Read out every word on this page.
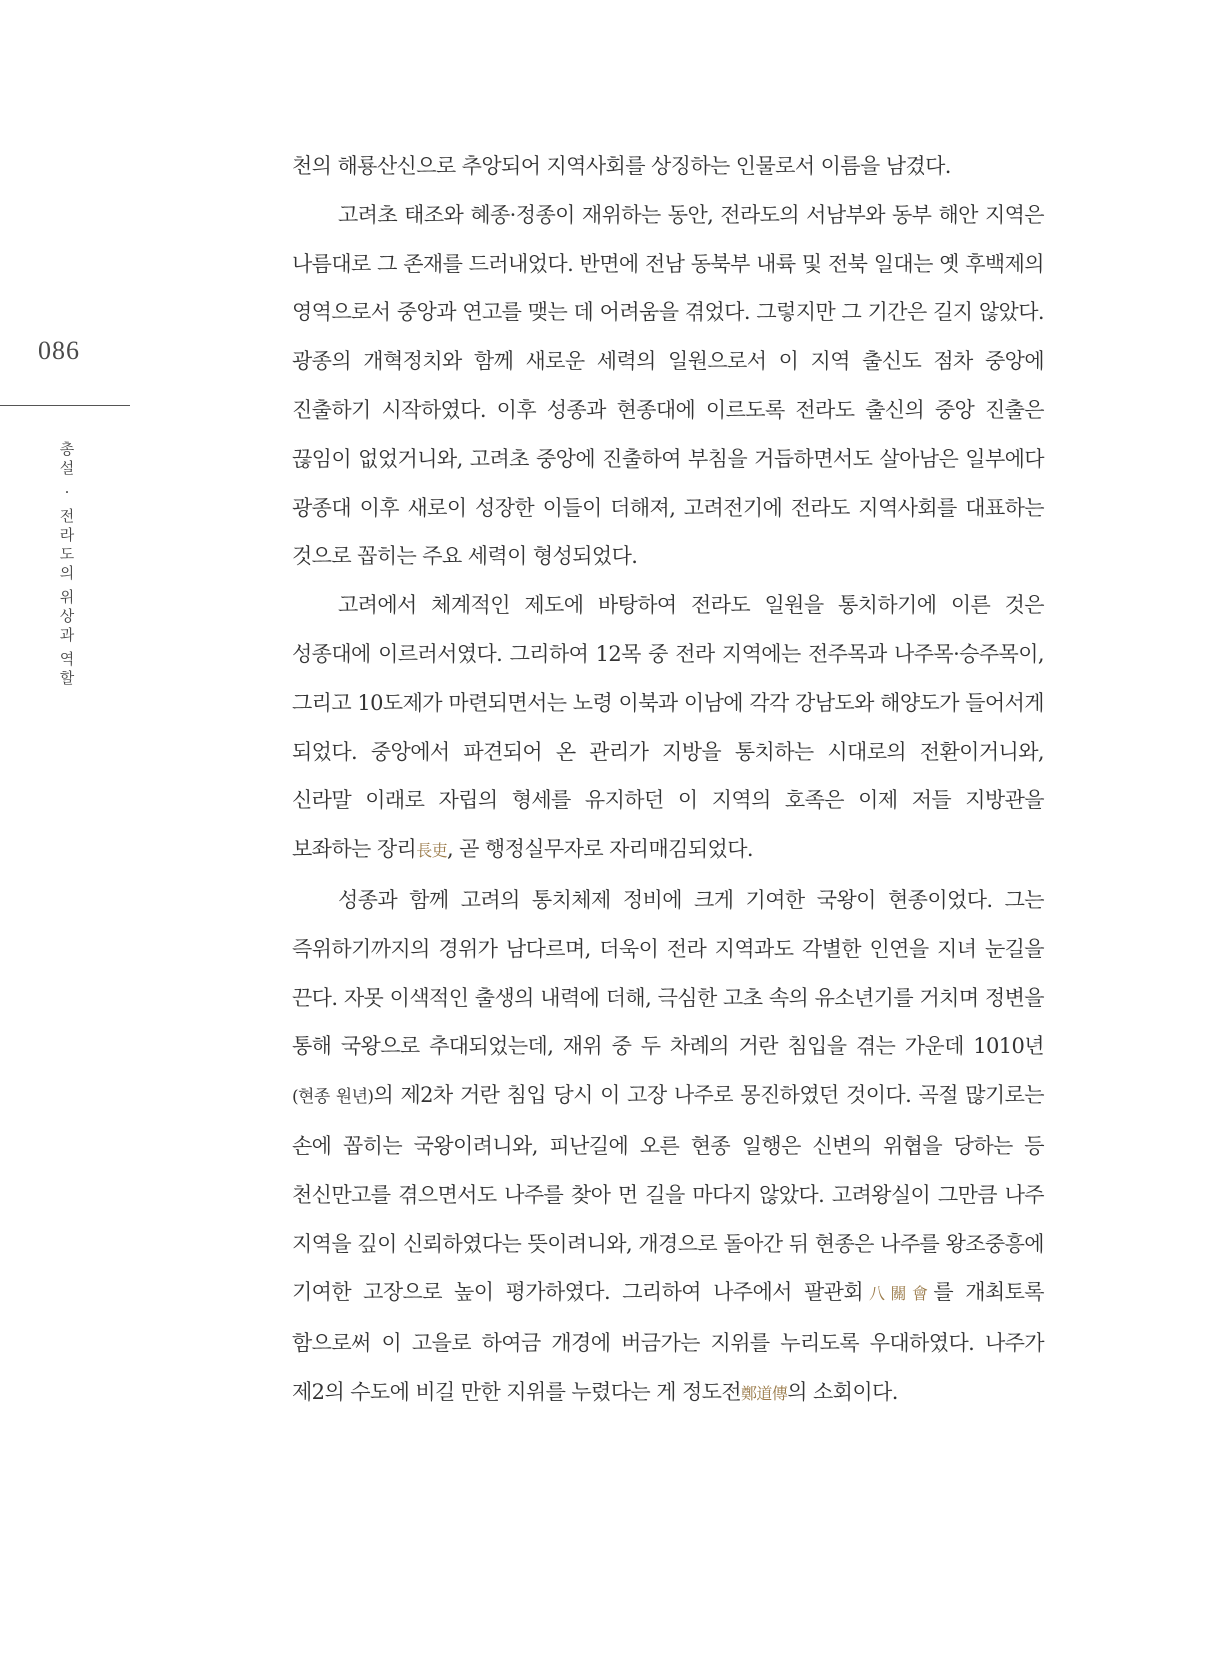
086
총
설
·
전
라
도
의
위
상
과
역
할

천의 해룡산신으로 추앙되어 지역사회를 상징하는 인물로서 이름을 남겼다.

고려초 태조와 혜종·정종이 재위하는 동안, 전라도의 서남부와 동부 해안 지역은 나름대로 그 존재를 드러내었다. 반면에 전남 동북부 내륙 및 전북 일대는 옛 후백제의 영역으로서 중앙과 연고를 맺는 데 어려움을 겪었다. 그렇지만 그 기간은 길지 않았다. 광종의 개혁정치와 함께 새로운 세력의 일원으로서 이 지역 출신도 점차 중앙에 진출하기 시작하였다. 이후 성종과 현종대에 이르도록 전라도 출신의 중앙 진출은 끊임이 없었거니와, 고려초 중앙에 진출하여 부침을 거듭하면서도 살아남은 일부에다 광종대 이후 새로이 성장한 이들이 더해져, 고려전기에 전라도 지역사회를 대표하는 것으로 꼽히는 주요 세력이 형성되었다.

고려에서 체계적인 제도에 바탕하여 전라도 일원을 통치하기에 이른 것은 성종대에 이르러서였다. 그리하여 12목 중 전라 지역에는 전주목과 나주목·승주목이, 그리고 10도제가 마련되면서는 노령 이북과 이남에 각각 강남도와 해양도가 들어서게 되었다. 중앙에서 파견되어 온 관리가 지방을 통치하는 시대로의 전환이거니와, 신라말 이래로 자립의 형세를 유지하던 이 지역의 호족은 이제 저들 지방관을 보좌하는 장리長吏, 곧 행정실무자로 자리매김되었다.

성종과 함께 고려의 통치체제 정비에 크게 기여한 국왕이 현종이었다. 그는 즉위하기까지의 경위가 남다르며, 더욱이 전라 지역과도 각별한 인연을 지녀 눈길을 끈다. 자못 이색적인 출생의 내력에 더해, 극심한 고초 속의 유소년기를 거치며 정변을 통해 국왕으로 추대되었는데, 재위 중 두 차례의 거란 침입을 겪는 가운데 1010년(현종 원년)의 제2차 거란 침입 당시 이 고장 나주로 몽진하였던 것이다. 곡절 많기로는 손에 꼽히는 국왕이려니와, 피난길에 오른 현종 일행은 신변의 위협을 당하는 등 천신만고를 겪으면서도 나주를 찾아 먼 길을 마다지 않았다. 고려왕실이 그만큼 나주 지역을 깊이 신뢰하였다는 뜻이려니와, 개경으로 돌아간 뒤 현종은 나주를 왕조중흥에 기여한 고장으로 높이 평가하였다. 그리하여 나주에서 팔관회八關會를 개최토록 함으로써 이 고을로 하여금 개경에 버금가는 지위를 누리도록 우대하였다. 나주가 제2의 수도에 비길 만한 지위를 누렸다는 게 정도전鄭道傳의 소회이다.
